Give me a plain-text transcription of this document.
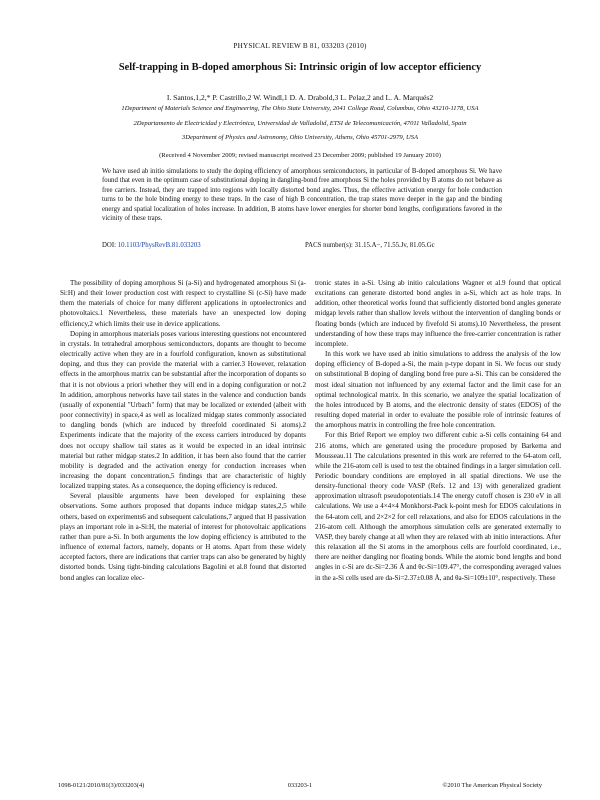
PHYSICAL REVIEW B 81, 033203 (2010)
Self-trapping in B-doped amorphous Si: Intrinsic origin of low acceptor efficiency
I. Santos,1,2,* P. Castrillo,2 W. Windl,1 D. A. Drabold,3 L. Pelaz,2 and L. A. Marqués2
1Department of Materials Science and Engineering, The Ohio State University, 2041 College Road, Columbus, Ohio 43210-1178, USA
2Departamento de Electricidad y Electrónica, Universidad de Valladolid, ETSI de Telecomunicación, 47011 Valladolid, Spain
3Department of Physics and Astronomy, Ohio University, Athens, Ohio 45701-2979, USA
(Received 4 November 2009; revised manuscript received 23 December 2009; published 19 January 2010)
We have used ab initio simulations to study the doping efficiency of amorphous semiconductors, in particular of B-doped amorphous Si. We have found that even in the optimum case of substitutional doping in dangling-bond free amorphous Si the holes provided by B atoms do not behave as free carriers. Instead, they are trapped into regions with locally distorted bond angles. Thus, the effective activation energy for hole conduction turns to be the hole binding energy to these traps. In the case of high B concentration, the trap states move deeper in the gap and the binding energy and spatial localization of holes increase. In addition, B atoms have lower energies for shorter bond lengths, configurations favored in the vicinity of these traps.
DOI: 10.1103/PhysRevB.81.033203	PACS number(s): 31.15.A−, 71.55.Jv, 81.05.Gc

The possibility of doping amorphous Si (a-Si) and hydrogenated amorphous Si (a-Si:H) and their lower production cost with respect to crystalline Si (c-Si) have made them the materials of choice for many different applications in optoelectronics and photovoltaics.1 Nevertheless, these materials have an unexpected low doping efficiency,2 which limits their use in device applications.

Doping in amorphous materials poses various interesting questions not encountered in crystals. In tetrahedral amorphous semiconductors, dopants are thought to become electrically active when they are in a fourfold configuration, known as substitutional doping, and thus they can provide the material with a carrier.3 However, relaxation effects in the amorphous matrix can be substantial after the incorporation of dopants so that it is not obvious a priori whether they will end in a doping configuration or not.2 In addition, amorphous networks have tail states in the valence and conduction bands (usually of exponential "Urbach" form) that may be localized or extended (albeit with poor connectivity) in space,4 as well as localized midgap states commonly associated to dangling bonds (which are induced by threefold coordinated Si atoms).2 Experiments indicate that the majority of the excess carriers introduced by dopants does not occupy shallow tail states as it would be expected in an ideal intrinsic material but rather midgap states.2 In addition, it has been also found that the carrier mobility is degraded and the activation energy for conduction increases when increasing the dopant concentration,5 findings that are characteristic of highly localized trapping states. As a consequence, the doping efficiency is reduced.

Several plausible arguments have been developed for explaining these observations. Some authors proposed that dopants induce midgap states,2,5 while others, based on experiments6 and subsequent calculations,7 argued that H passivation plays an important role in a-Si:H, the material of interest for photovoltaic applications rather than pure a-Si. In both arguments the low doping efficiency is attributed to the influence of external factors, namely, dopants or H atoms. Apart from these widely accepted factors, there are indications that carrier traps can also be generated by highly distorted bonds. Using tight-binding calculations Bagolini et al.8 found that distorted bond angles can localize elec-

tronic states in a-Si. Using ab initio calculations Wagner et al.9 found that optical excitations can generate distorted bond angles in a-Si, which act as hole traps. In addition, other theoretical works found that sufficiently distorted bond angles generate midgap levels rather than shallow levels without the intervention of dangling bonds or floating bonds (which are induced by fivefold Si atoms).10 Nevertheless, the present understanding of how these traps may influence the free-carrier concentration is rather incomplete.

In this work we have used ab initio simulations to address the analysis of the low doping efficiency of B-doped a-Si, the main p-type dopant in Si. We focus our study on substitutional B doping of dangling bond free pure a-Si. This can be considered the most ideal situation not influenced by any external factor and the limit case for an optimal technological matrix. In this scenario, we analyze the spatial localization of the holes introduced by B atoms, and the electronic density of states (EDOS) of the resulting doped material in order to evaluate the possible role of intrinsic features of the amorphous matrix in controlling the free hole concentration.

For this Brief Report we employ two different cubic a-Si cells containing 64 and 216 atoms, which are generated using the procedure proposed by Barkema and Mousseau.11 The calculations presented in this work are referred to the 64-atom cell, while the 216-atom cell is used to test the obtained findings in a larger simulation cell. Periodic boundary conditions are employed in all spatial directions. We use the density-functional theory code VASP (Refs. 12 and 13) with generalized gradient approximation ultrasoft pseudopotentials.14 The energy cutoff chosen is 230 eV in all calculations. We use a 4×4×4 Monkhorst-Pack k-point mesh for EDOS calculations in the 64-atom cell, and 2×2×2 for cell relaxations, and also for EDOS calculations in the 216-atom cell. Although the amorphous simulation cells are generated externally to VASP, they barely change at all when they are relaxed with ab initio interactions. After this relaxation all the Si atoms in the amorphous cells are fourfold coordinated, i.e., there are neither dangling nor floating bonds. While the atomic bond lengths and bond angles in c-Si are dc-Si=2.36 Å and θc-Si=109.47°, the corresponding averaged values in the a-Si cells used are da-Si=2.37±0.08 Å, and θa-Si=109±10°, respectively. These

1098-0121/2010/81(3)/033203(4)	033203-1	©2010 The American Physical Society
